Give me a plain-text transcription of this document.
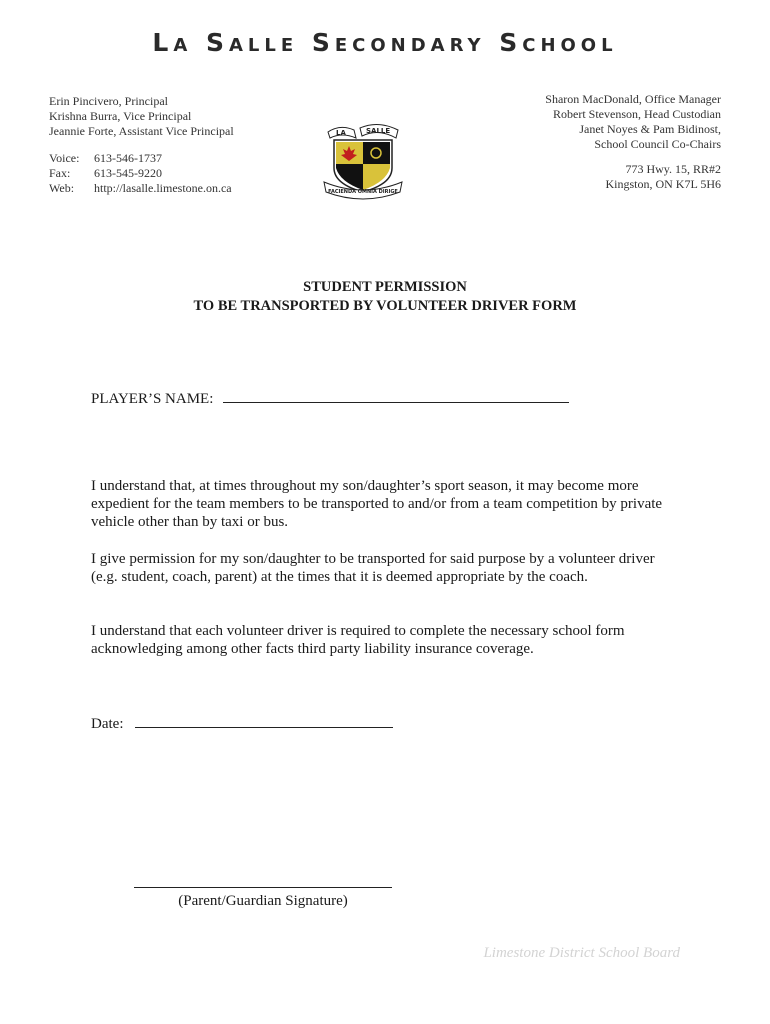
La Salle Secondary School
Erin Pincivero, Principal
Krishna Burra, Vice Principal
Jeannie Forte, Assistant Vice Principal
Voice:	613-546-1737
Fax:	613-545-9220
Web:	http://lasalle.limestone.on.ca
Sharon MacDonald, Office Manager
Robert Stevenson, Head Custodian
Janet Noyes & Pam Bidinost,
School Council Co-Chairs
773 Hwy. 15, RR#2
Kingston, ON K7L 5H6
LA	SALLE
FACIENDA OMNIA DIRIGE
STUDENT PERMISSION
TO BE TRANSPORTED BY VOLUNTEER DRIVER FORM
PLAYER’S NAME:
I understand that, at times throughout my son/daughter’s sport season, it may become more expedient for the team members to be transported to and/or from a team competition by private vehicle other than by taxi or bus.
I give permission for my son/daughter to be transported for said purpose by a volunteer driver (e.g. student, coach, parent) at the times that it is deemed appropriate by the coach.
I understand that each volunteer driver is required to complete the necessary school form acknowledging among other facts third party liability insurance coverage.
Date:
(Parent/Guardian Signature)
Limestone District School Board
